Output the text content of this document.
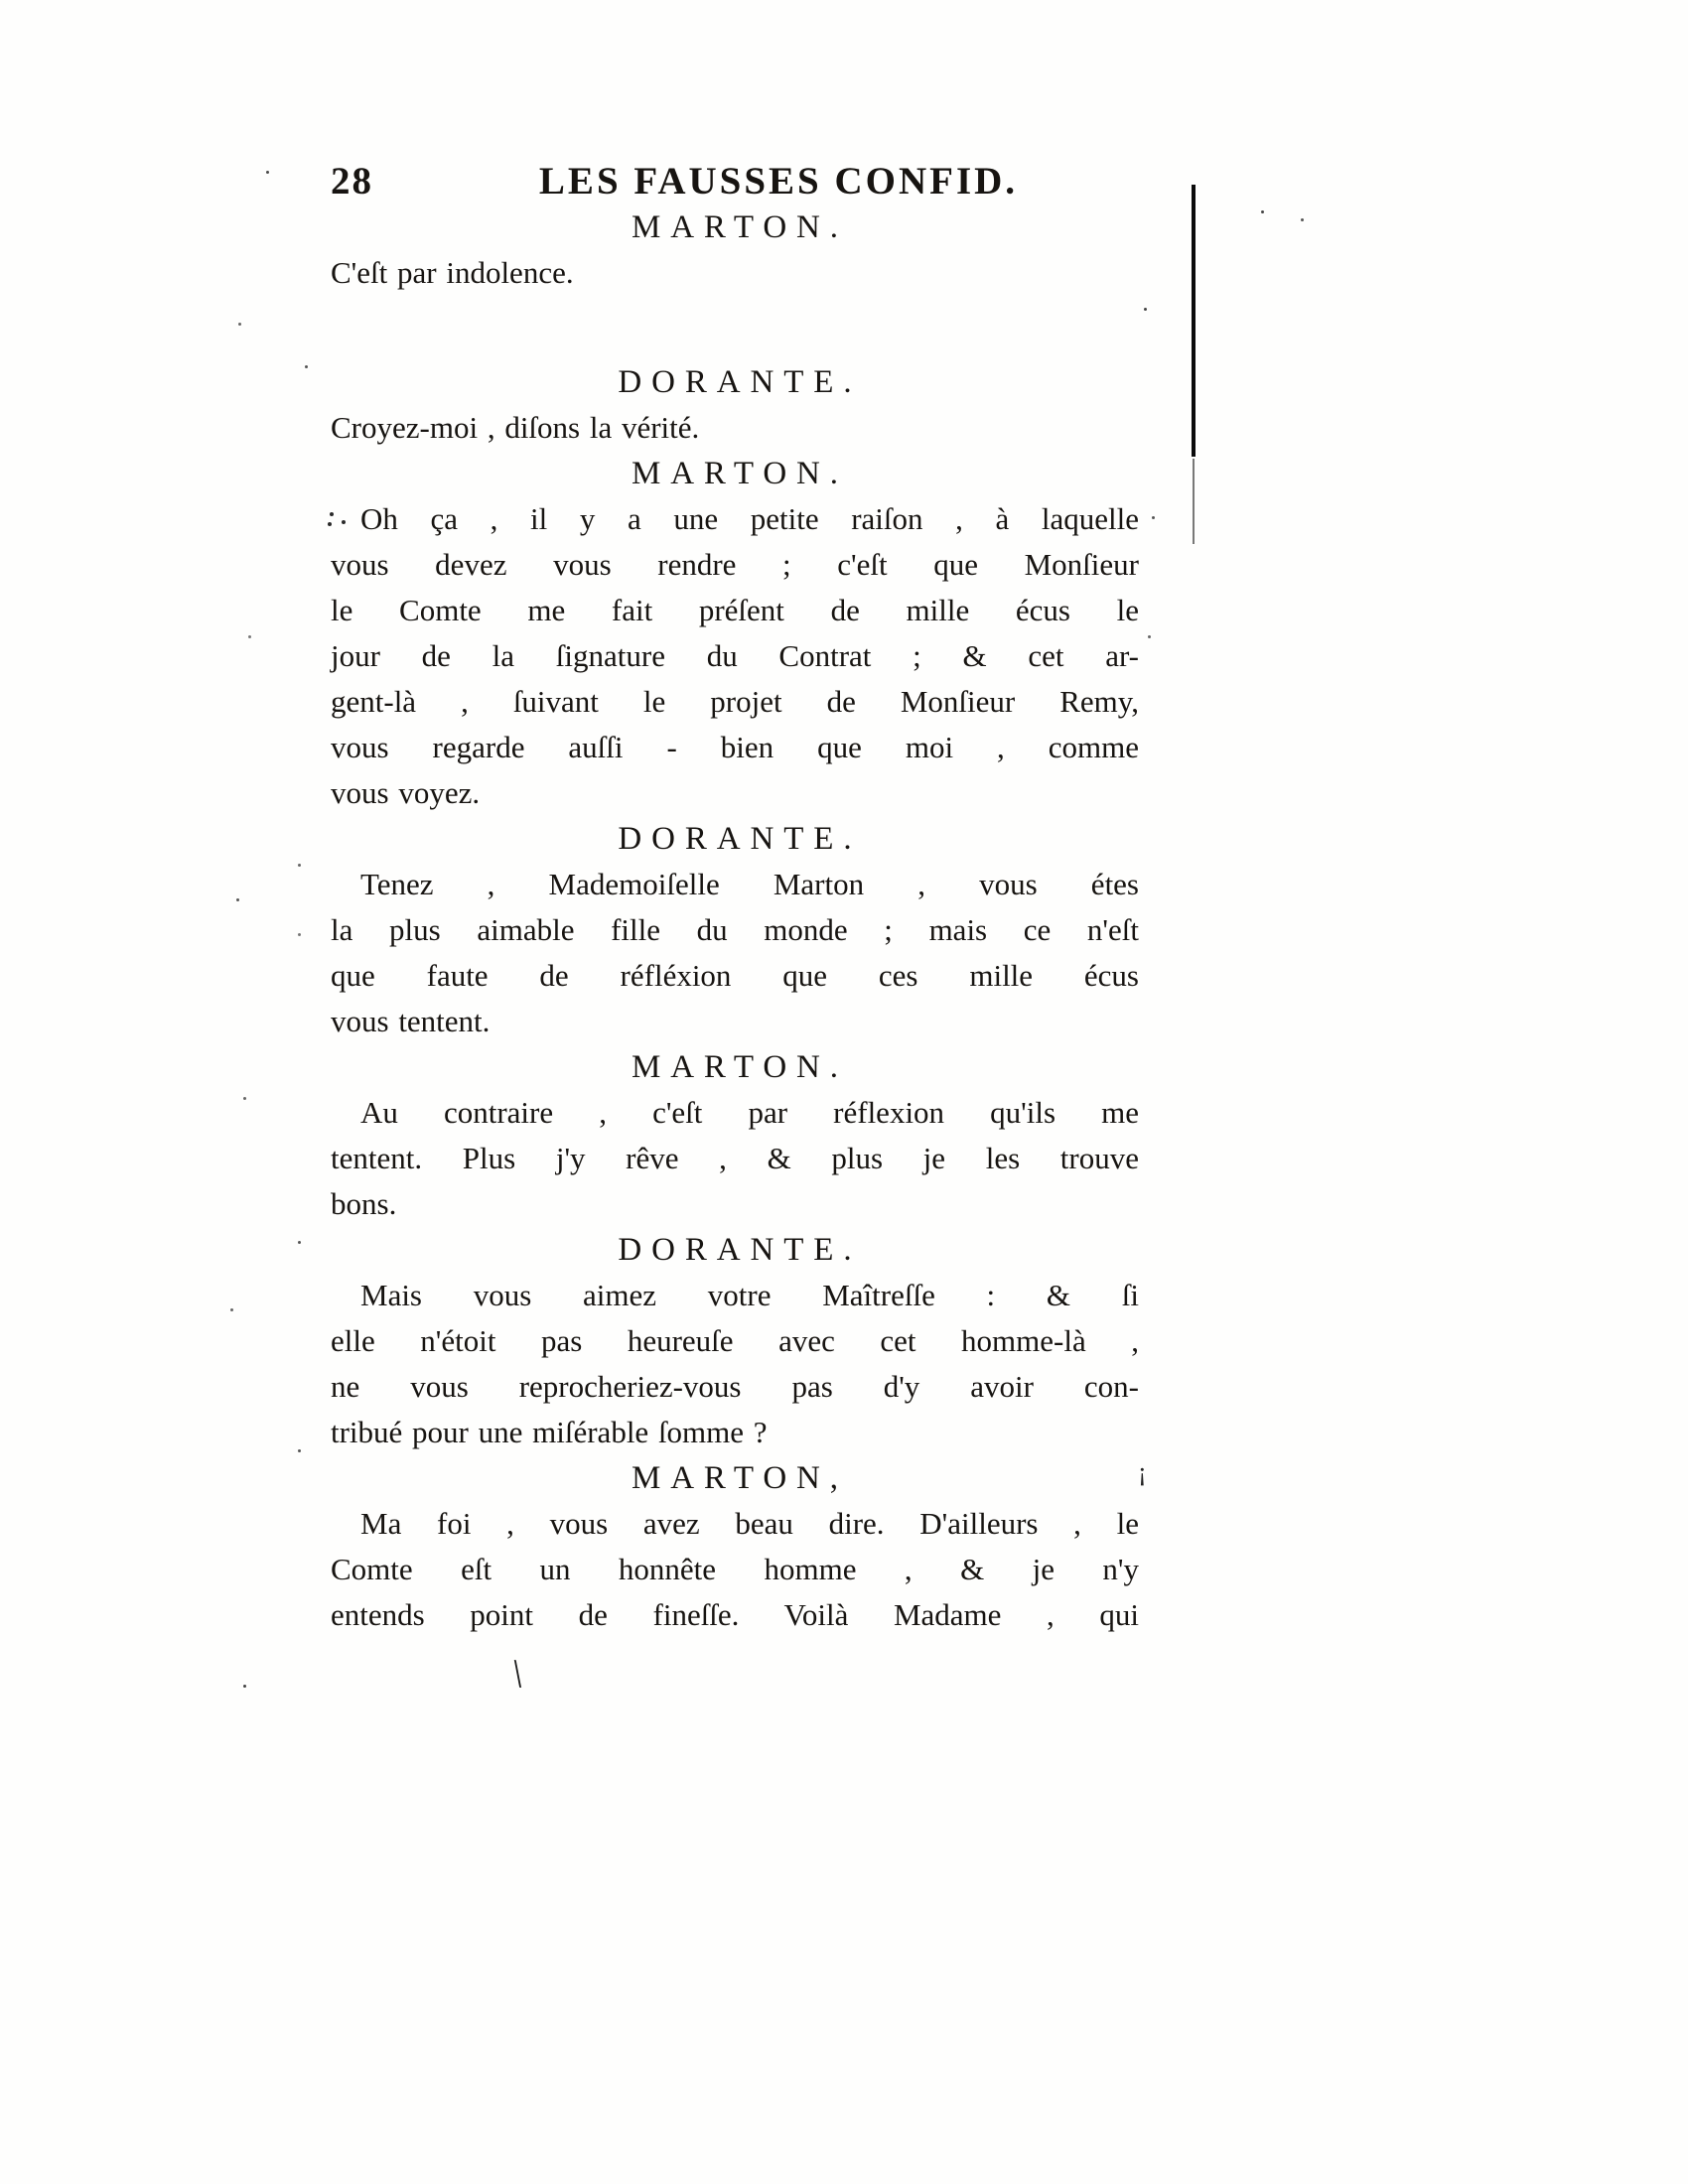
\
¡
28	LES FAUSSES CONFID.
MARTON.
C'eſt par indolence.
DORANTE.
Croyez-moi , diſons la vérité.
MARTON.
Oh ça , il y a une petite raiſon , à laquelle
vous devez vous rendre ; c'eſt que Monſieur
le Comte me fait préſent de mille écus le
jour de la ſignature du Contrat ; & cet ar-
gent-là , ſuivant le projet de Monſieur Remy,
vous regarde auſſi - bien que moi , comme
vous voyez.
DORANTE.
Tenez , Mademoiſelle Marton , vous étes
la plus aimable fille du monde ; mais ce n'eſt
que faute de réfléxion que ces mille écus
vous tentent.
MARTON.
Au contraire , c'eſt par réflexion qu'ils me
tentent. Plus j'y rêve , & plus je les trouve
bons.
DORANTE.
Mais vous aimez votre Maîtreſſe : & ſi
elle n'étoit pas heureuſe avec cet homme-là ,
ne vous reprocheriez-vous pas d'y avoir con-
tribué pour une miſérable ſomme ?
MARTON,
Ma foi , vous avez beau dire. D'ailleurs , le
Comte eſt un honnête homme , & je n'y
entends point de fineſſe. Voilà Madame , qui
